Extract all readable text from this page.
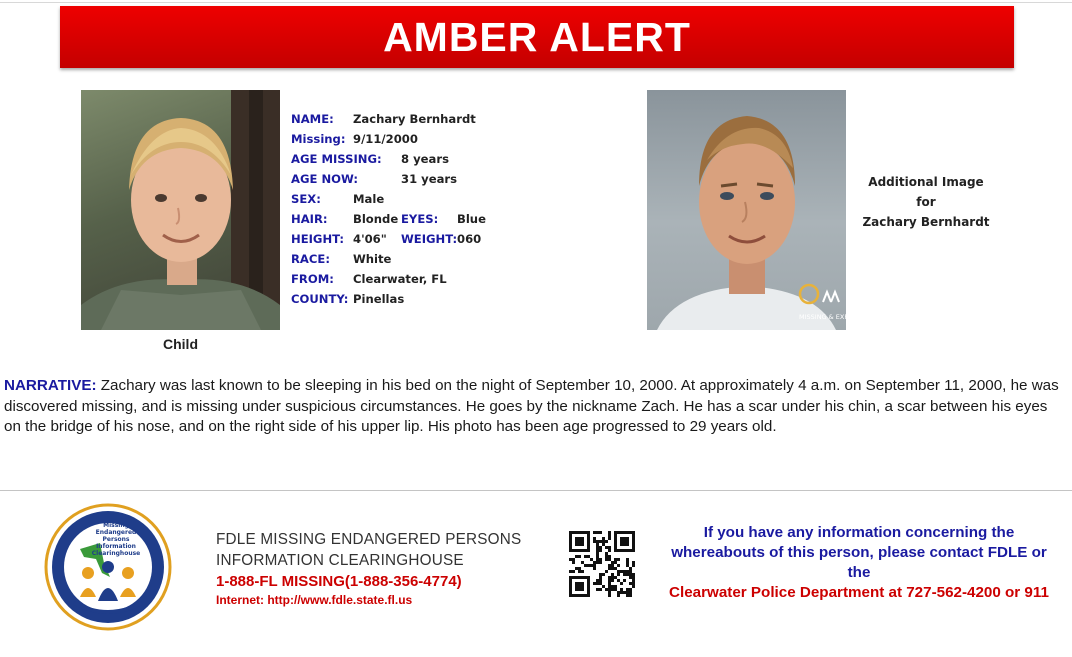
AMBER ALERT
Child
NAME: Zachary Bernhardt
Missing: 9/11/2000
AGE MISSING: 8 years
AGE NOW:	31 years
SEX:	Male
HAIR: Blonde EYES: Blue
HEIGHT: 4'06" WEIGHT: 060
RACE: White
FROM: Clearwater, FL
COUNTY: Pinellas
MISSING & EXPLOITED
Additional Image
for
Zachary Bernhardt
NARRATIVE: Zachary was last known to be sleeping in his bed on the night of September 10, 2000. At approximately 4 a.m. on September 11, 2000, he was discovered missing, and is missing under suspicious circumstances. He goes by the nickname Zach. He has a scar under his chin, a scar between his eyes on the bridge of his nose, and on the right side of his upper lip. His photo has been age progressed to 29 years old.
Missing
Endangered
Persons
Information
Clearinghouse
FDLE MISSING ENDANGERED PERSONS
INFORMATION CLEARINGHOUSE
1-888-FL MISSING(1-888-356-4774)
Internet: http://www.fdle.state.fl.us
If you have any information concerning the
whereabouts of this person, please contact FDLE or
the
Clearwater Police Department at 727-562-4200 or 911
